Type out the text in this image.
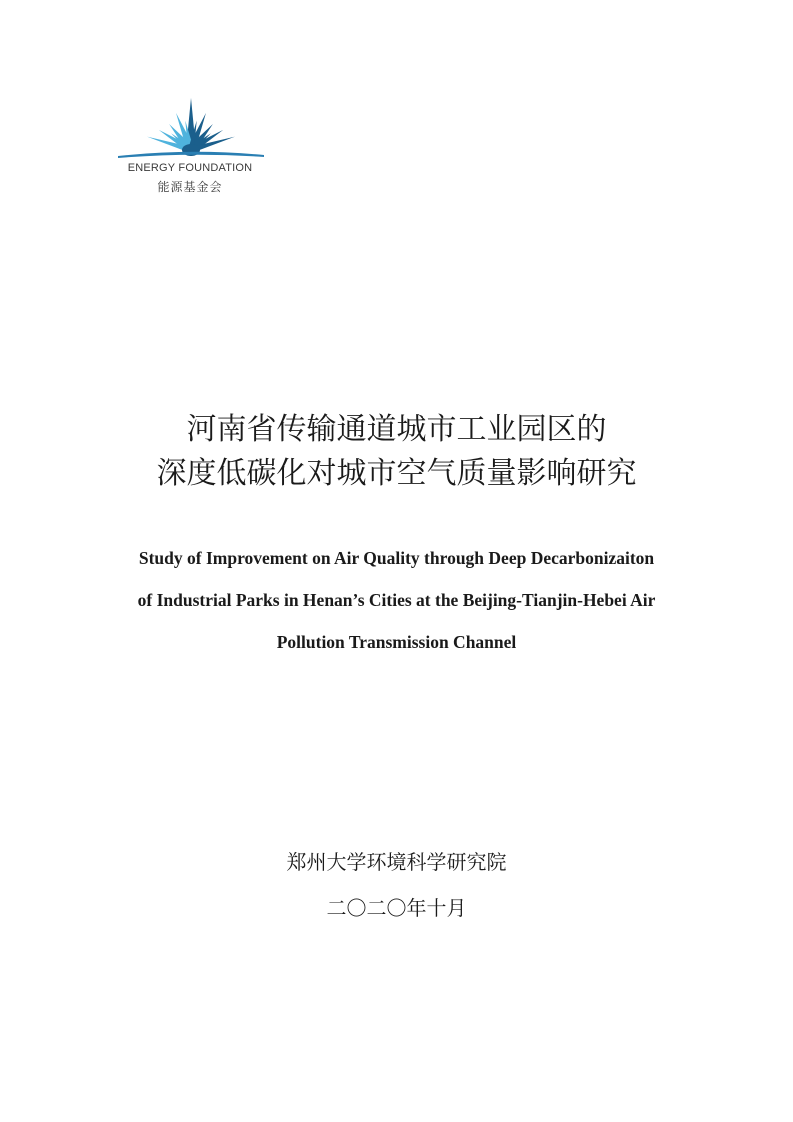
ENERGY FOUNDATION
能源基金会
河南省传输通道城市工业园区的
深度低碳化对城市空气质量影响研究
Study of Improvement on Air Quality through Deep Decarbonizaiton
of Industrial Parks in Henan’s Cities at the Beijing-Tianjin-Hebei Air
Pollution Transmission Channel
郑州大学环境科学研究院
二〇二〇年十月
